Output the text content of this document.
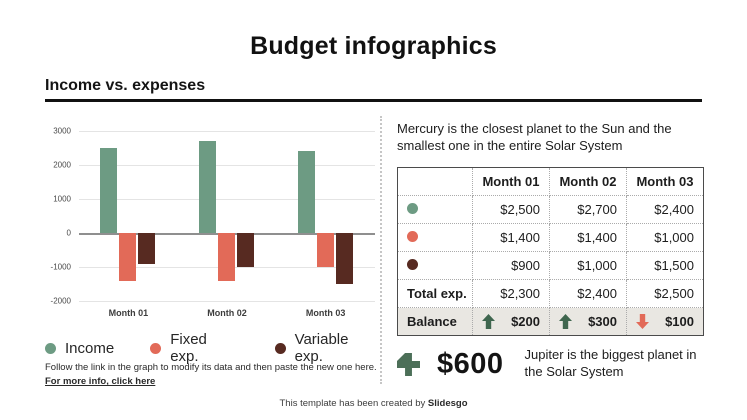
Budget infographics
Income vs. expenses
3000
2000
1000
0
-1000
-2000
Month 01	Month 02	Month 03
Income	Fixed exp.
Variable exp.
Follow the link in the graph to modify its data and then paste the new one here. For more info, click here
Mercury is the closest planet to the Sun and the smallest one in the entire Solar System
	Month 01	Month 02	Month 03
	$2,500	$2,700	$2,400
	$1,400	$1,400	$1,000
	$900	$1,000	$1,500
Total exp.	$2,300	$2,400	$2,500
Balance	$200	$300	$100
$600 Jupiter is the biggest planet in the Solar System
This template has been created by Slidesgo
